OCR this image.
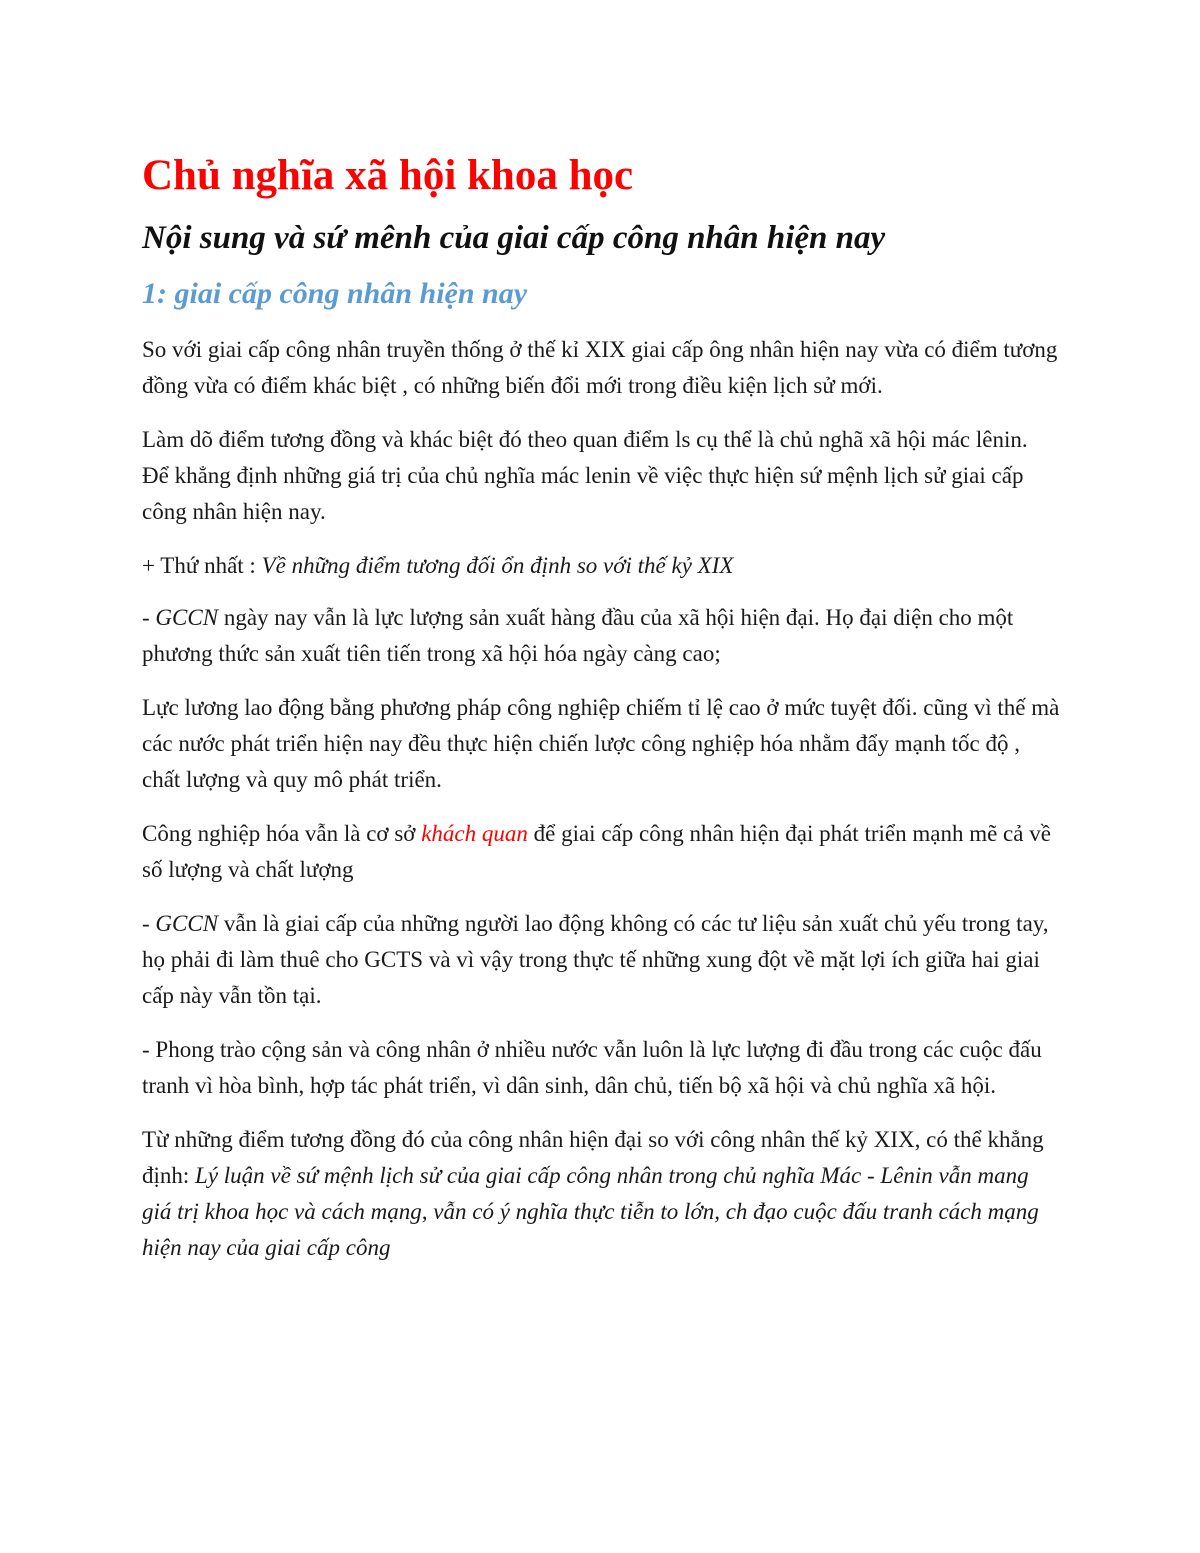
Chủ nghĩa xã hội khoa học
Nội sung và sứ mênh của giai cấp công nhân hiện nay
1: giai cấp công nhân hiện nay

So với giai cấp công nhân truyền thống ở thế kỉ XIX giai cấp ông nhân hiện nay vừa có điểm tương đồng vừa có điểm khác biệt , có những biến đổi mới trong điều kiện lịch sử mới.

Làm dõ điểm tương đồng và khác biệt đó theo quan điểm ls cụ thể là chủ nghã xã hội mác lênin. Để khẳng định những giá trị của chủ nghĩa mác lenin về việc thực hiện sứ mệnh lịch sử giai cấp công nhân hiện nay.

+ Thứ nhất : Về những điểm tương đối ổn định so với thế kỷ XIX

- GCCN ngày nay vẫn là lực lượng sản xuất hàng đầu của xã hội hiện đại. Họ đại diện cho một phương thức sản xuất tiên tiến trong xã hội hóa ngày càng cao;

Lực lương lao động bằng phương pháp công nghiệp chiếm tỉ lệ cao ở mức tuyệt đối. cũng vì thế mà các nước phát triển hiện nay đều thực hiện chiến lược công nghiệp hóa nhằm đẩy mạnh tốc độ , chất lượng và quy mô phát triển.

Công nghiệp hóa vẫn là cơ sở khách quan để giai cấp công nhân hiện đại phát triển mạnh mẽ cả về số lượng và chất lượng

- GCCN vẫn là giai cấp của những người lao động không có các tư liệu sản xuất chủ yếu trong tay, họ phải đi làm thuê cho GCTS và vì vậy trong thực tế những xung đột về mặt lợi ích giữa hai giai cấp này vẫn tồn tại.

- Phong trào cộng sản và công nhân ở nhiều nước vẫn luôn là lực lượng đi đầu trong các cuộc đấu tranh vì hòa bình, hợp tác phát triển, vì dân sinh, dân chủ, tiến bộ xã hội và chủ nghĩa xã hội.

Từ những điểm tương đồng đó của công nhân hiện đại so với công nhân thế kỷ XIX, có thể khẳng định: Lý luận về sứ mệnh lịch sử của giai cấp công nhân trong chủ nghĩa Mác - Lênin vẫn mang giá trị khoa học và cách mạng, vẫn có ý nghĩa thực tiễn to lớn, ch đạo cuộc đấu tranh cách mạng hiện nay của giai cấp công
